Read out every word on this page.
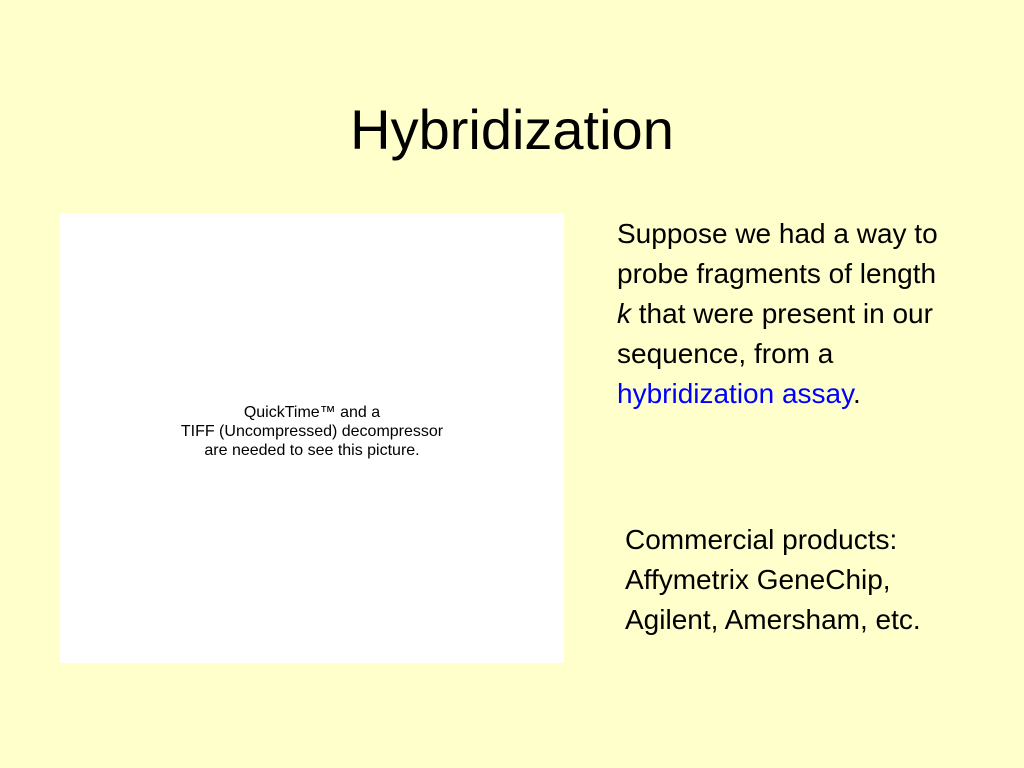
Hybridization
QuickTime™ and a
TIFF (Uncompressed) decompressor
are needed to see this picture.

Suppose we had a way to probe fragments of length k that were present in our sequence, from a hybridization assay.

Commercial products: Affymetrix GeneChip, Agilent, Amersham, etc.
